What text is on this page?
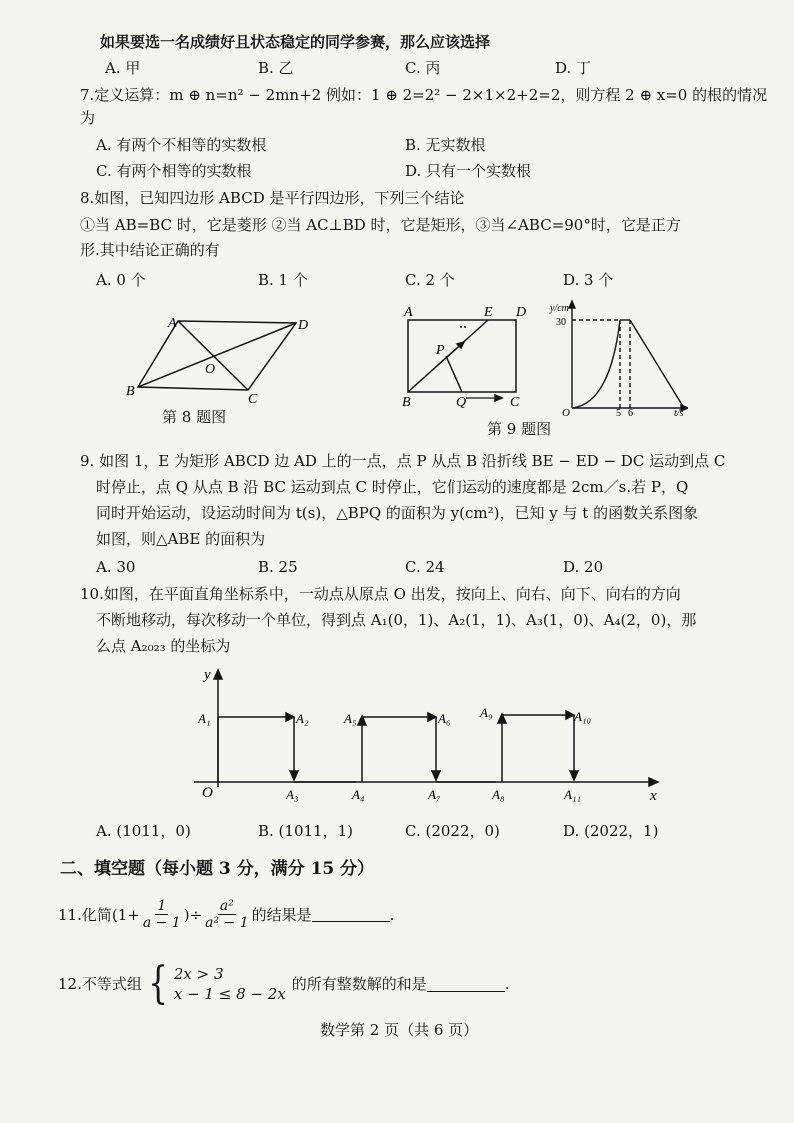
如果要选一名成绩好且状态稳定的同学参赛，那么应该选择
A. 甲	B. 乙	C. 丙	D. 丁
7.定义运算：m ⊕ n=n² − 2mn+2 例如：1 ⊕ 2=2² − 2×1×2+2=2，则方程 2 ⊕ x=0 的根的情况
为
A. 有两个不相等的实数根	B. 无实数根
C. 有两个相等的实数根	D. 只有一个实数根
8.如图，已知四边形 ABCD 是平行四边形，下列三个结论
①当 AB=BC 时，它是菱形 ②当 AC⊥BD 时，它是矩形，③当∠ABC=90°时，它是正方
形.其中结论正确的有
A. 0 个	B. 1 个	C. 2 个	D. 3 个
A	D
B
C
O
第 8 题图
A	E D
B	Q	C
P
y/cm²
30
O	5 6	t/s
第 9 题图
9. 如图 1，E 为矩形 ABCD 边 AD 上的一点，点 P 从点 B 沿折线 BE − ED − DC 运动到点 C
时停止，点 Q 从点 B 沿 BC 运动到点 C 时停止，它们运动的速度都是 2cm／s.若 P，Q
同时开始运动，设运动时间为 t(s)，△BPQ 的面积为 y(cm²)，已知 y 与 t 的函数关系图象
如图，则△ABE 的面积为
A. 30	B. 25	C. 24	D. 20
10.如图，在平面直角坐标系中，一动点从原点 O 出发，按向上、向右、向下、向右的方向
不断地移动，每次移动一个单位，得到点 A₁(0，1)、A₂(1，1)、A₃(1，0)、A₄(2，0)，那
么点 A₂₀₂₃ 的坐标为
y
x
O
A₁	A₂	A₅	A₆ A₉	A₁₀
A₃	A₄	A₇	A₈	A₁₁
A. (1011，0)	B. (1011，1)	C. (2022，0)	D. (2022，1)
二、填空题（每小题 3 分，满分 15 分）
11.化简 ($1+ \frac{1}{a - 1}$ )÷ $\frac{\text{a²}}{\text{a² − 1}}$ 的结果是	.
12.不等式组 { 2x > 3
x − 1 ≤ 8 − 2x
的所有整数解的和是	.
数学第 2 页（共 6 页）
